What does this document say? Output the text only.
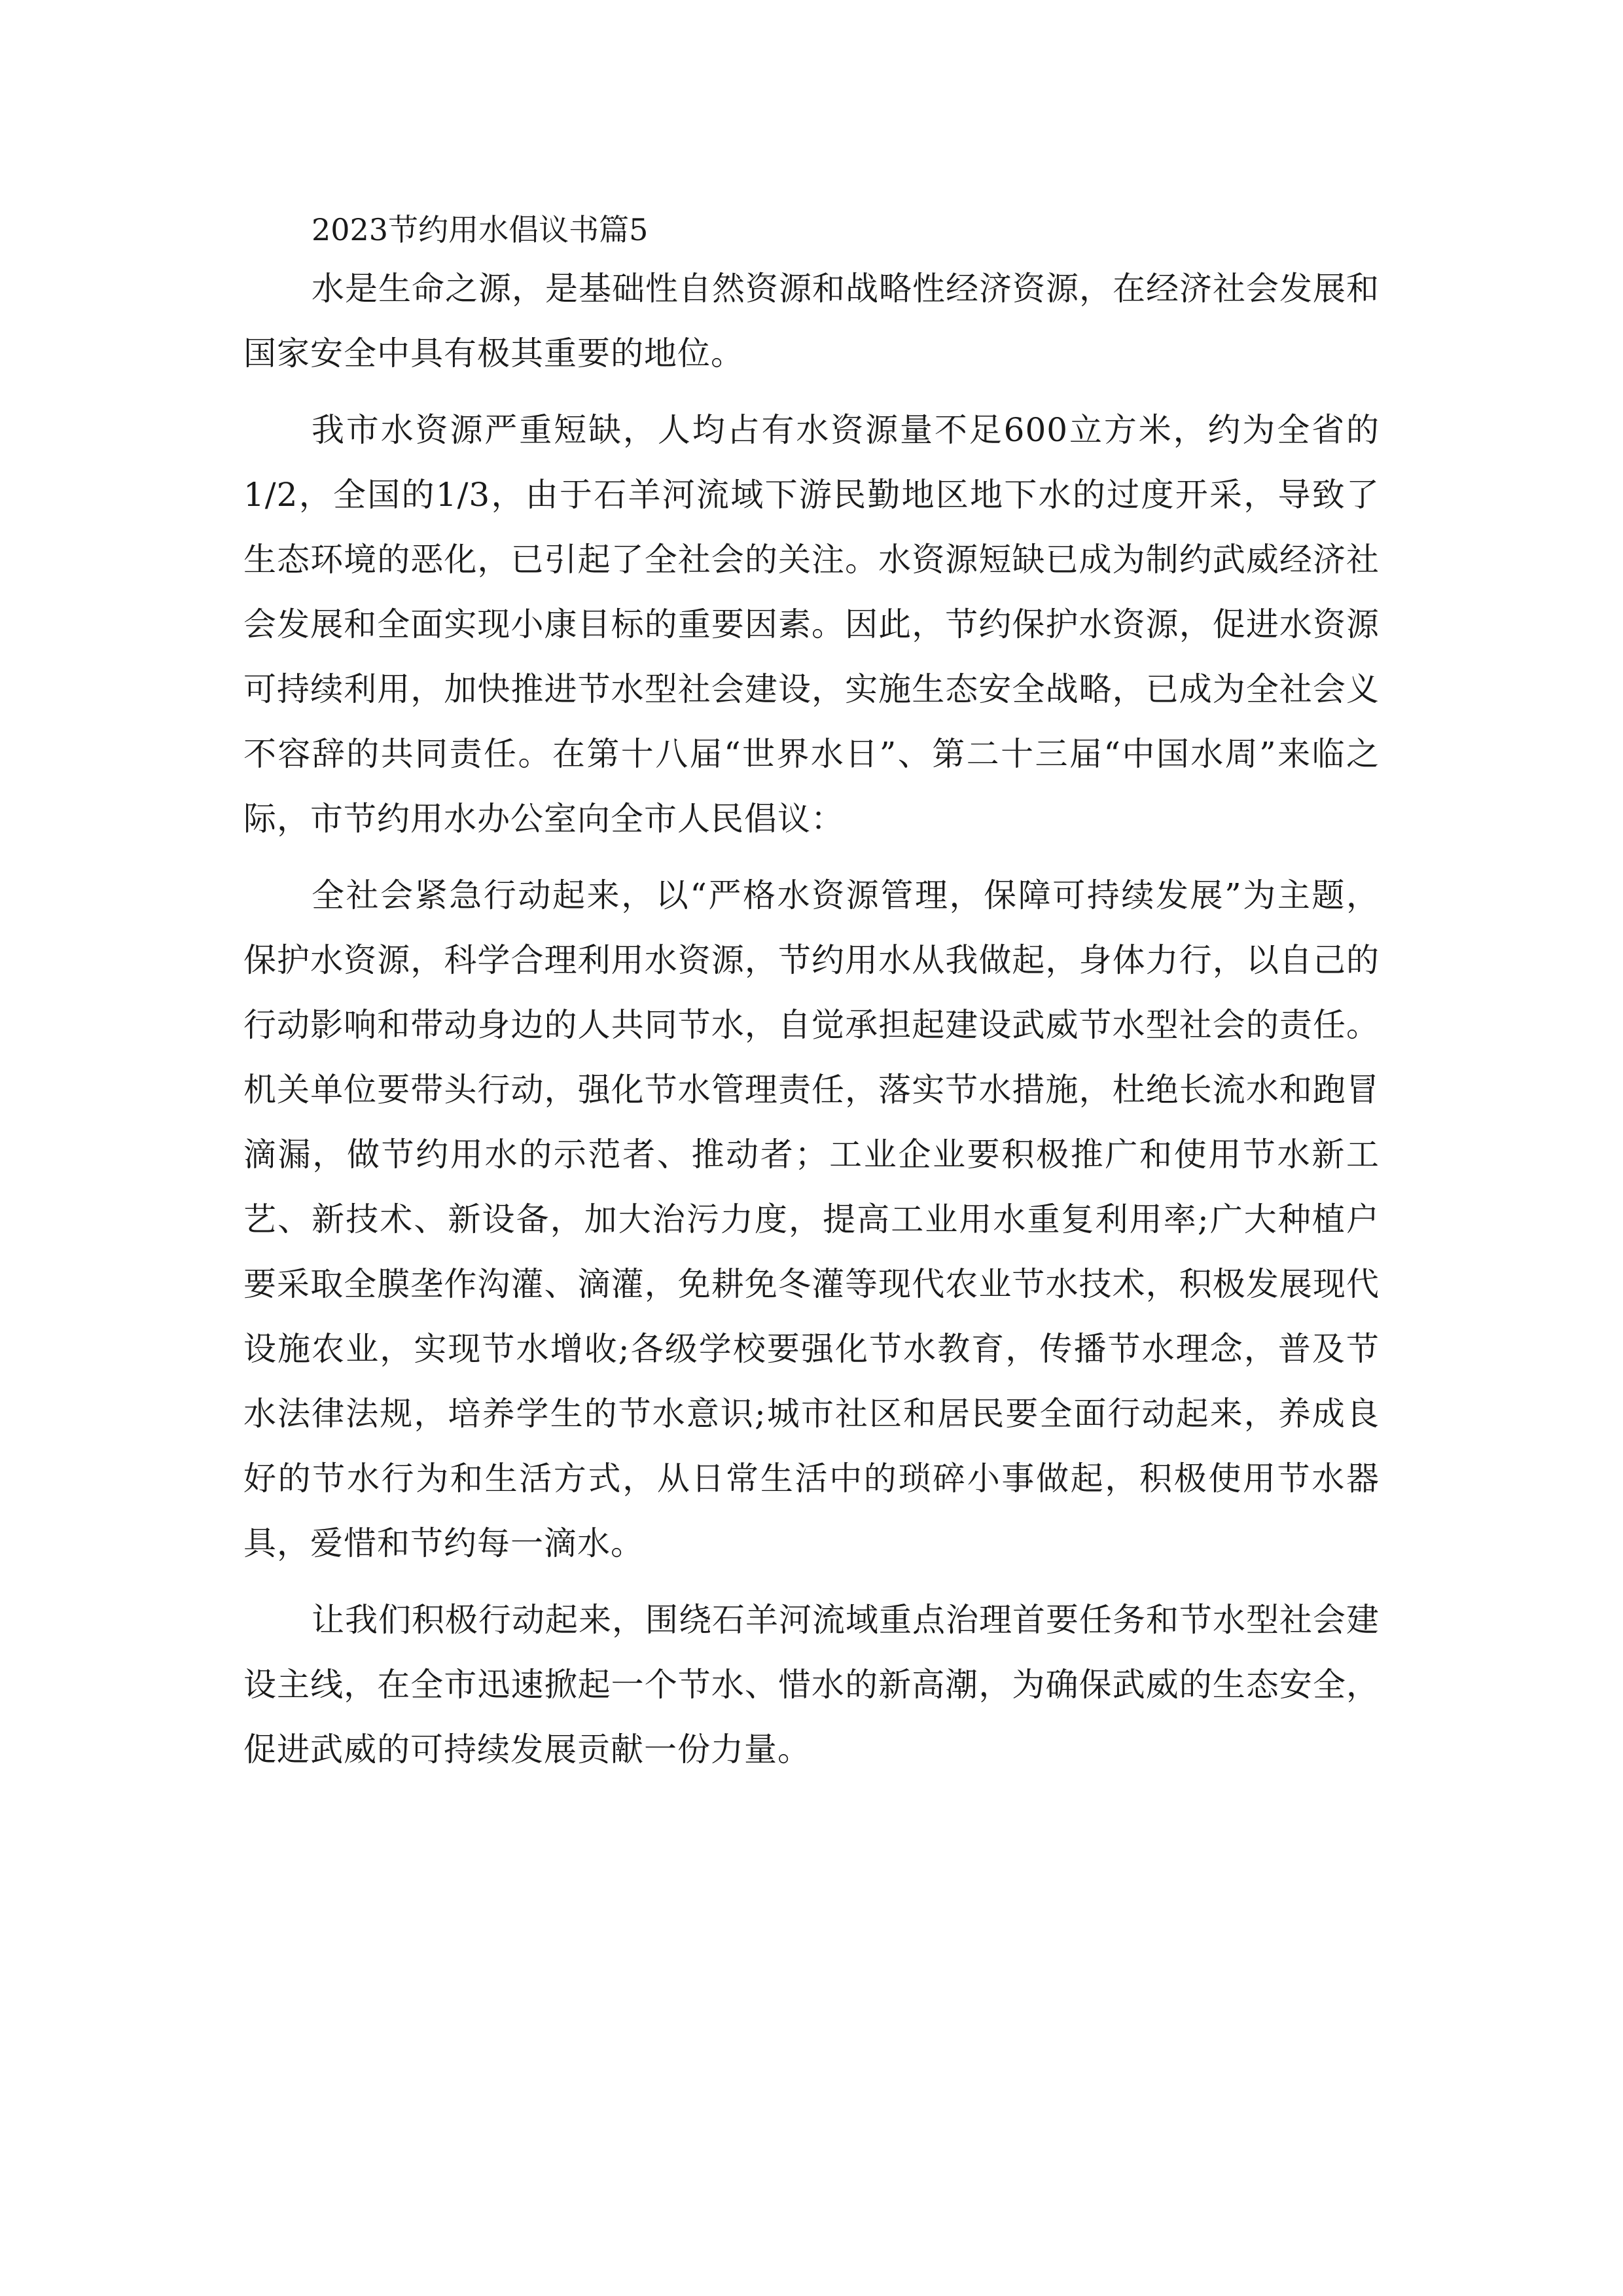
2023节约用水倡议书篇5

水是生命之源，是基础性自然资源和战略性经济资源，在经济社会发展和国家安全中具有极其重要的地位。

我市水资源严重短缺，人均占有水资源量不足600立方米，约为全省的1/2，全国的1/3，由于石羊河流域下游民勤地区地下水的过度开采，导致了生态环境的恶化，已引起了全社会的关注。水资源短缺已成为制约武威经济社会发展和全面实现小康目标的重要因素。因此，节约保护水资源，促进水资源可持续利用，加快推进节水型社会建设，实施生态安全战略，已成为全社会义不容辞的共同责任。在第十八届“世界水日”、第二十三届“中国水周”来临之际，市节约用水办公室向全市人民倡议：

全社会紧急行动起来，以“严格水资源管理，保障可持续发展”为主题，保护水资源，科学合理利用水资源，节约用水从我做起，身体力行，以自己的行动影响和带动身边的人共同节水，自觉承担起建设武威节水型社会的责任。机关单位要带头行动，强化节水管理责任，落实节水措施，杜绝长流水和跑冒滴漏，做节约用水的示范者、推动者；工业企业要积极推广和使用节水新工艺、新技术、新设备，加大治污力度，提高工业用水重复利用率;广大种植户要采取全膜垄作沟灌、滴灌，免耕免冬灌等现代农业节水技术，积极发展现代设施农业，实现节水增收;各级学校要强化节水教育，传播节水理念，普及节水法律法规，培养学生的节水意识;城市社区和居民要全面行动起来，养成良好的节水行为和生活方式，从日常生活中的琐碎小事做起，积极使用节水器具，爱惜和节约每一滴水。

让我们积极行动起来，围绕石羊河流域重点治理首要任务和节水型社会建设主线，在全市迅速掀起一个节水、惜水的新高潮，为确保武威的生态安全，促进武威的可持续发展贡献一份力量。
